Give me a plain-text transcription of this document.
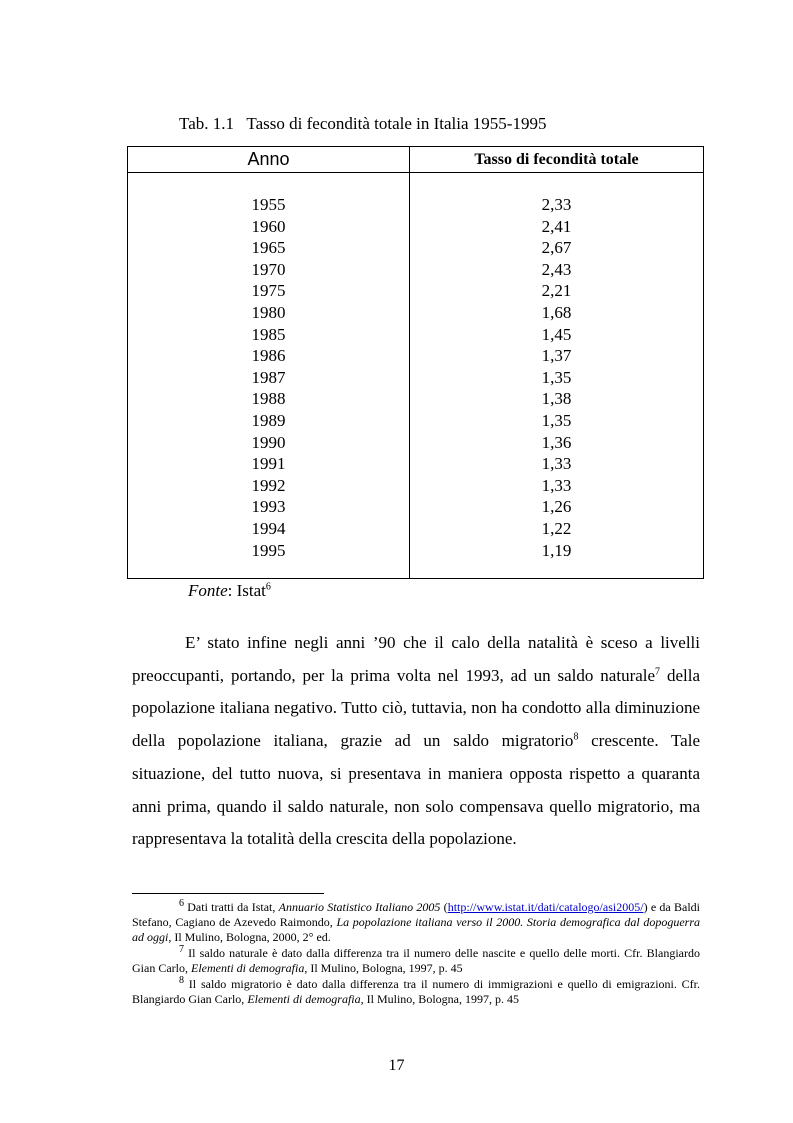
Tab. 1.1   Tasso di fecondità totale in Italia 1955-1995
Anno	Tasso di fecondità totale
1955
1960
1965
1970
1975
1980
1985
1986
1987
1988
1989
1990
1991
1992
1993
1994
1995
2,33
2,41
2,67
2,43
2,21
1,68
1,45
1,37
1,35
1,38
1,35
1,36
1,33
1,33
1,26
1,22
1,19
Fonte: Istat$^6$

E’ stato infine negli anni ’90 che il calo della natalità è sceso a livelli preoccupanti, portando, per la prima volta nel 1993, ad un saldo naturale$^7$ della popolazione italiana negativo. Tutto ciò, tuttavia, non ha condotto alla diminuzione della popolazione italiana, grazie ad un saldo migratorio$^8$ crescente. Tale situazione, del tutto nuova, si presentava in maniera opposta rispetto a quaranta anni prima, quando il saldo naturale, non solo compensava quello migratorio, ma rappresentava la totalità della crescita della popolazione.

$^6$ Dati tratti da Istat, Annuario Statistico Italiano 2005 (http://www.istat.it/dati/catalogo/asi2005/) e da Baldi Stefano, Cagiano de Azevedo Raimondo, La popolazione italiana verso il 2000. Storia demografica dal dopoguerra ad oggi, Il Mulino, Bologna, 2000, 2° ed.

$^7$ Il saldo naturale è dato dalla differenza tra il numero delle nascite e quello delle morti. Cfr. Blangiardo Gian Carlo, Elementi di demografia, Il Mulino, Bologna, 1997, p. 45

$^8$ Il saldo migratorio è dato dalla differenza tra il numero di immigrazioni e quello di emigrazioni. Cfr. Blangiardo Gian Carlo, Elementi di demografia, Il Mulino, Bologna, 1997, p. 45

17
